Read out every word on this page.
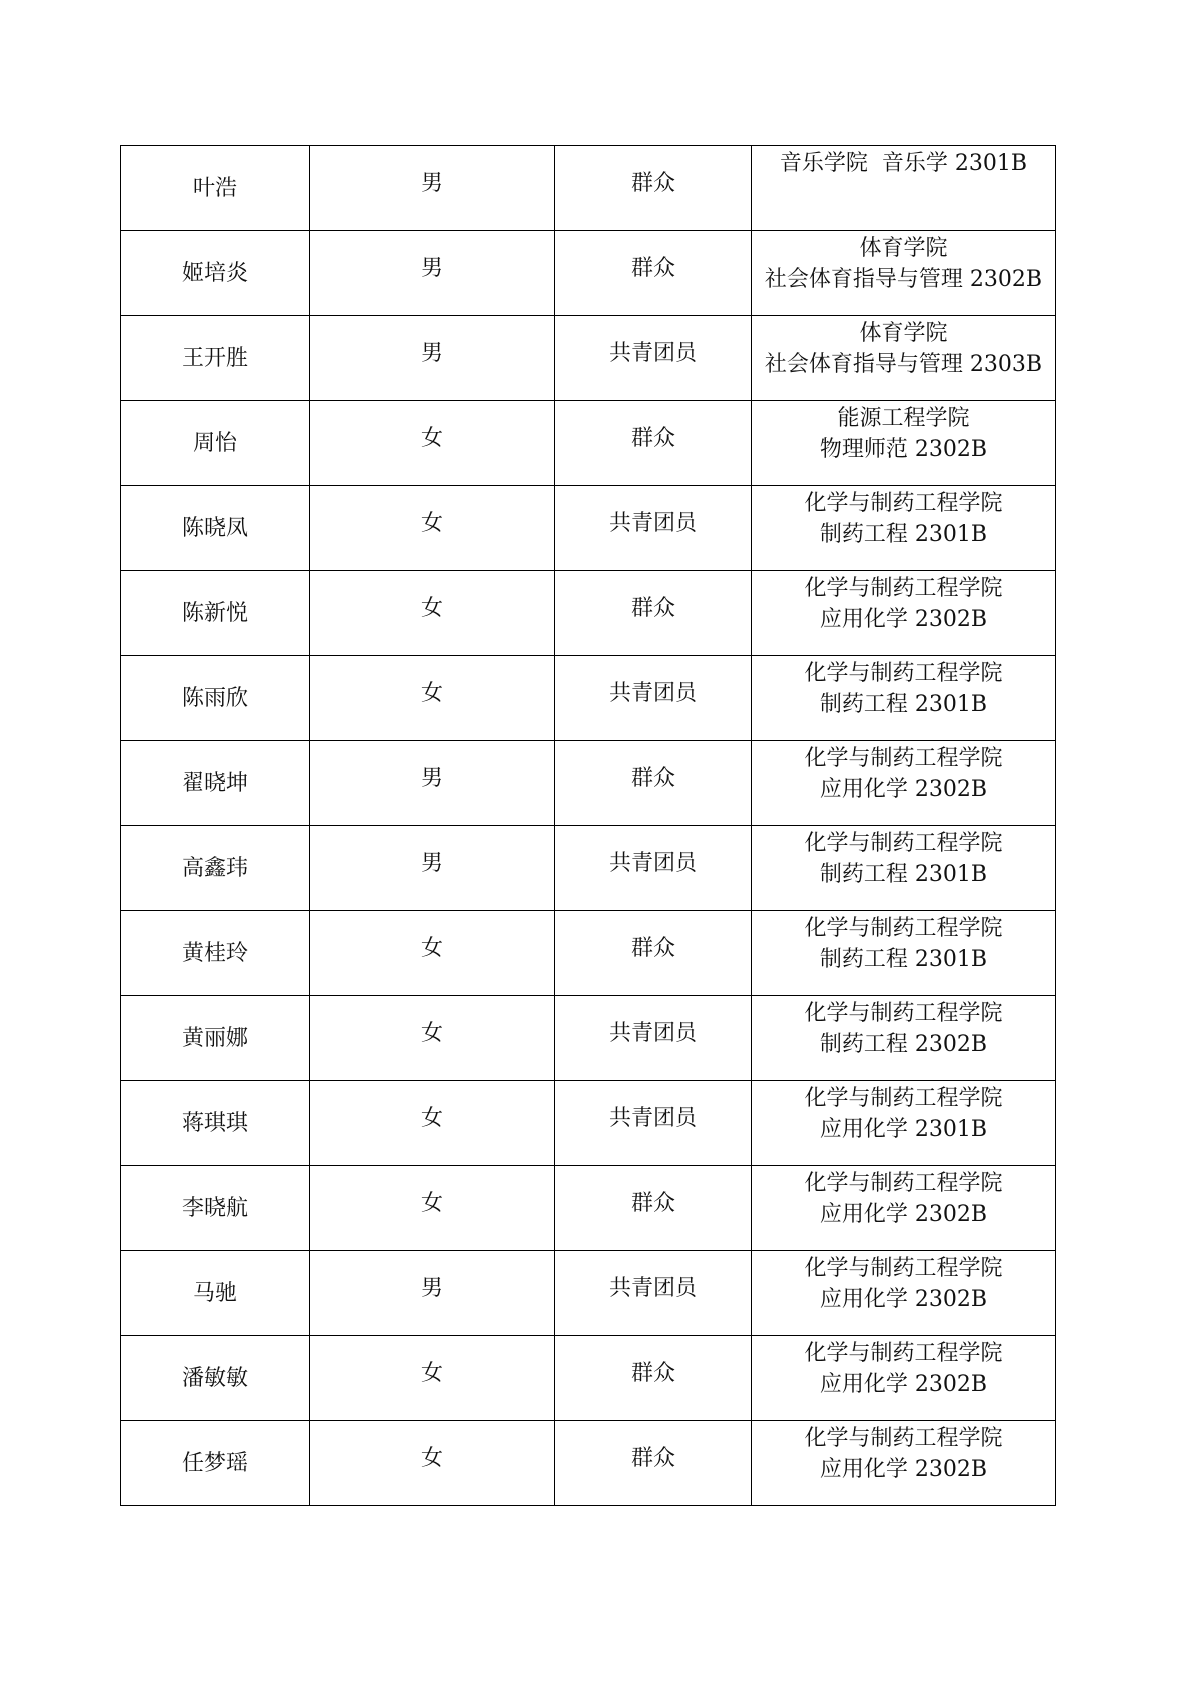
叶浩	男	群众	音乐学院  音乐学 2301B

姬培炎	男	群众	体育学院
社会体育指导与管理 2302B

王开胜	男	共青团员	体育学院
社会体育指导与管理 2303B

周怡	女	群众	能源工程学院
物理师范 2302B

陈晓凤	女	共青团员	化学与制药工程学院
制药工程 2301B

陈新悦	女	群众	化学与制药工程学院
应用化学 2302B

陈雨欣	女	共青团员	化学与制药工程学院
制药工程 2301B

翟晓坤	男	群众	化学与制药工程学院
应用化学 2302B

高鑫玮	男	共青团员	化学与制药工程学院
制药工程 2301B

黄桂玲	女	群众	化学与制药工程学院
制药工程 2301B

黄丽娜	女	共青团员	化学与制药工程学院
制药工程 2302B

蒋琪琪	女	共青团员	化学与制药工程学院
应用化学 2301B

李晓航	女	群众	化学与制药工程学院
应用化学 2302B

马驰	男	共青团员	化学与制药工程学院
应用化学 2302B

潘敏敏	女	群众	化学与制药工程学院
应用化学 2302B

任梦瑶	女	群众	化学与制药工程学院
应用化学 2302B
